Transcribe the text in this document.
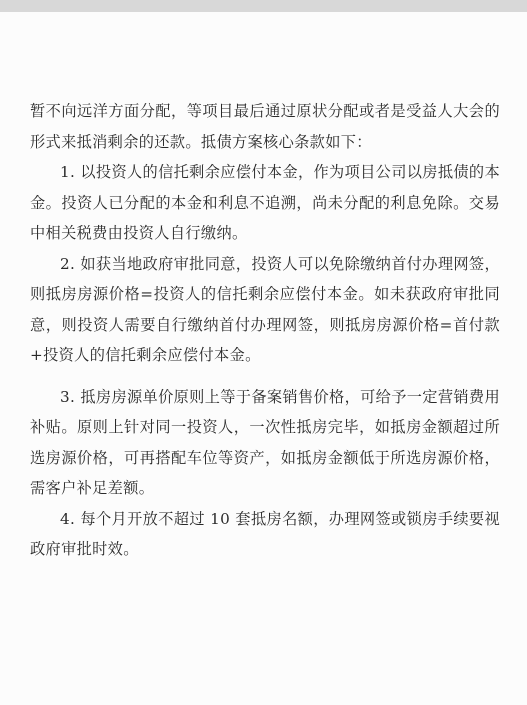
暂不向远洋方面分配，等项目最后通过原状分配或者是受益人大会的形式来抵消剩余的还款。抵债方案核心条款如下：

1. 以投资人的信托剩余应偿付本金，作为项目公司以房抵债的本金。投资人已分配的本金和利息不追溯，尚未分配的利息免除。交易中相关税费由投资人自行缴纳。

2. 如获当地政府审批同意，投资人可以免除缴纳首付办理网签，则抵房房源价格=投资人的信托剩余应偿付本金。如未获政府审批同意，则投资人需要自行缴纳首付办理网签，则抵房房源价格=首付款+投资人的信托剩余应偿付本金。

3. 抵房房源单价原则上等于备案销售价格，可给予一定营销费用补贴。原则上针对同一投资人，一次性抵房完毕，如抵房金额超过所选房源价格，可再搭配车位等资产，如抵房金额低于所选房源价格，需客户补足差额。

4. 每个月开放不超过 10 套抵房名额，办理网签或锁房手续要视政府审批时效。
